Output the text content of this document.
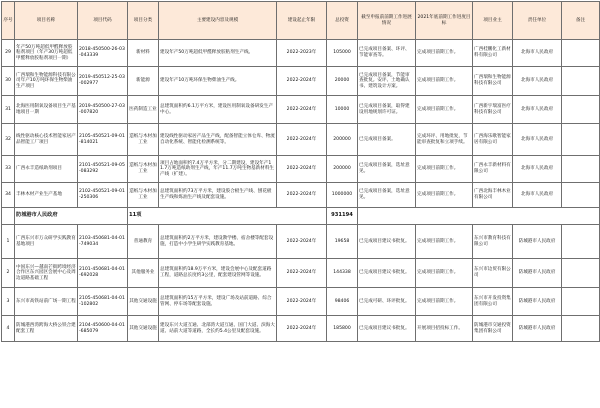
序号	项目名称	项目代码	项目分类	主要建设内容及规模	建设起止年限	总投资	截至申报前前期工作进展情况	2021年底前期工作进度目标	项目业主	责任单位	备注
29	年产50万吨超低甲醛释放胶粘剂项目（年产30万吨超低甲醛释放胶粘剂项目一期）	2018-450500-26-03-043339	新材料	建设年产50万吨超低甲醛释放胶粘剂生产线。	2022-2023年	105000	已完成项目备案、环评、节能审查等。	完成项目前期工作。	广西桂鹏化工新材料有限公司	北海市人民政府	
30	广西瑞和生物能源科技有限公司年产10万吨环保生物柴油生产项目	2019-450512-25-03-002977	新能源	建设年产10万吨环保生物柴油生产线。	2022-2024年	20000	已完成项目备案，节能审查批复。安评、土地确认书、建筑设计方案。	完成项目前期工作。	广西瑞和生物能源科技有限公司	北海市人民政府	
31	北海医用制氧设备项目生产基地项目一期	2019-450500-27-03-007820	医药制造工业	总建筑面积约6.1万平方米，建设医用制氧设备研发生产中心。	2022-2024年	10000	已完成项目备案，取得建设用地规划许可证。	完成项目前期工作。	广西新宇瑞富医疗科技有限公司	北海市人民政府	
32	线性驱动核心技术智能家居产品智能工厂项目	2105-450521-09-01-814021	造纸与木材加工业	建设线性驱动家居产品生产线，配备智能立体仓库、物流自动化系统、智能化检测系统等。	2022-2024年	200000	已完成项目备案。	完成环评、用地批复，节能审查批复和立项手续。	广西海乐歌智能家居有限公司	北海市人民政府	
33	广西永丰造纸助剂项目	2101-450521-09-05-083292	造纸与木材加工业	项目占地面积约7.4万平方米，分二期建设，建设年产11.7万吨造纸助剂生产线，年产11.7万吨生物基新材料生产线（扩建）。	2022-2024年	200000	已完成项目备案，选址意见。	完成项目前期工作。	广西永丰新材料有限公司	北海市人民政府	
34	丰林木材产业生产基地	2102-450521-09-01-250306	造纸与木材加工业	总建筑面积约73万平方米，建设胶合板生产线、刨花板生产线和炼油生产线及配套设施。	2022-2024年	1000000	已完成项目备案，选址意见。	完成项目前期工作。	广西北海丰林木业有限公司	北海市人民政府	
	防城港市人民政府		11项			931194					
1	广西东兴市万众研学实践教育基地项目	2103-450681-04-01-749034	普通教育	总建筑面积约2万平方米，建设教学楼、宿舍楼等配套设施，打造中小学生研学实践教育基地。	2022-2024年	19658	已完成项目建议书批复。	完成项目前期工作。	东兴市教育科技有限公司	防城港市人民政府	
2	中国东兴—越南芒街跨境经济合作区东兴园区会展中心及周边道路基础工程	2101-450681-04-01-692028	其他服务业	总建筑面积约18.9万平方米，建设会展中心及配套道路工程，道路总长度约3公里，配套建设管网等设施。	2022-2024年	144338	已完成项目建议书批复。	完成项目前期工作。	东兴市边贸有限公司	防城港市人民政府	
3	东兴市高铁站前广场一期工程	2105-450681-04-01-102802	其他交通设施	总建筑面积约15万平方米，建设广场及站前道路、综合管网、停车场等配套设施。	2022-2024年	98406	已完成可研、环评批复。	完成项目前期工作。	东兴市开发投资集团有限公司	防城港市人民政府	
4	防城港西湾跨海大桥公铁合建配套工程	2104-450600-04-01-685079	其他交通设施	建设东兴大道互通、北部湾大道互通、国门大道、滨海大道、站前大道等道路，全长约5.4公里及配套设施。	2022-2024年	185800	已完成项目建议书批复。	开展项目招投标工作。	防城港市交通投资集团有限公司	防城港市人民政府	
